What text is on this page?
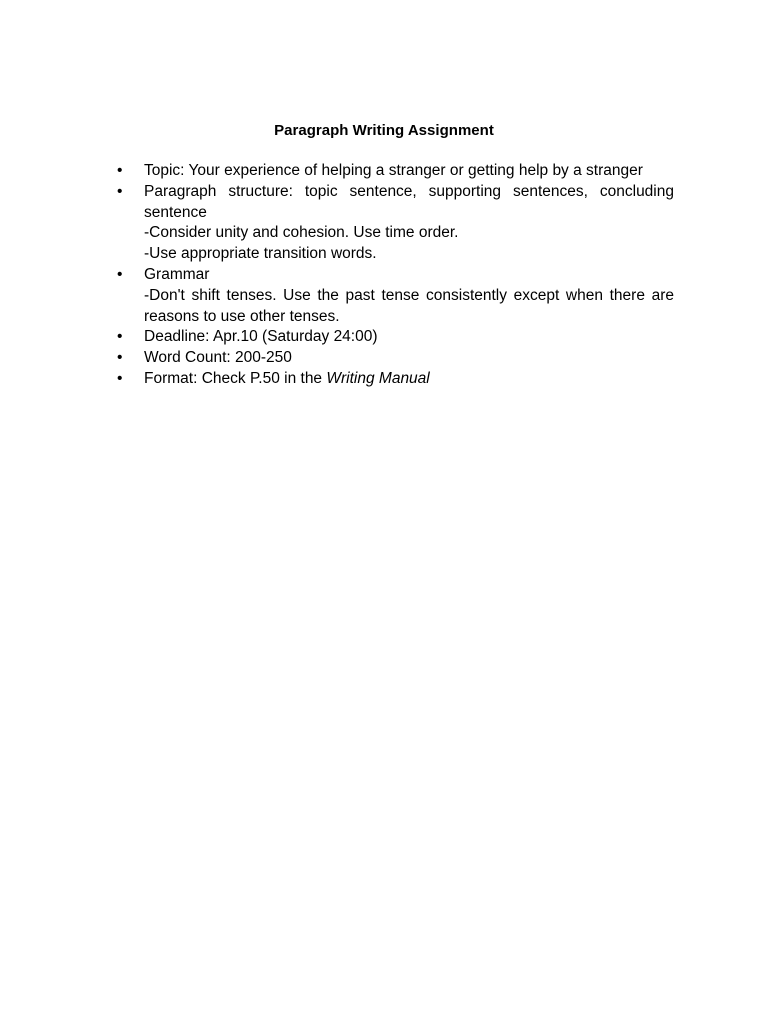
Paragraph Writing Assignment
•	Topic: Your experience of helping a stranger or getting help by a stranger
•	Paragraph structure: topic sentence, supporting sentences, concluding sentence
-Consider unity and cohesion. Use time order.
-Use appropriate transition words.
•	Grammar
-Don't shift tenses. Use the past tense consistently except when there are reasons to use other tenses.
•	Deadline: Apr.10 (Saturday 24:00)
•	Word Count: 200-250
•	Format: Check P.50 in the Writing Manual
